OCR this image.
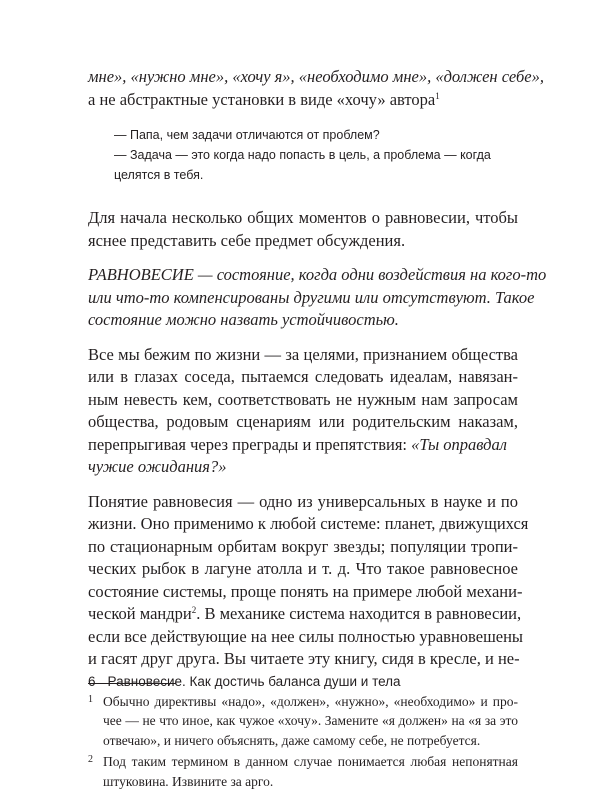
мне», «нужно мне», «хочу я», «необходимо мне», «должен себе»,
а не абстрактные установки в виде «хочу» автора$^1$
— Папа, чем задачи отличаются от проблем?
— Задача — это когда надо попасть в цель, а проблема — когда
целятся в тебя.
Для начала несколько общих моментов о равновесии, чтобы
яснее представить себе предмет обсуждения.
РАВНОВЕСИЕ — состояние, когда одни воздействия на кого-то
или что-то компенсированы другими или отсутствуют. Такое
состояние можно назвать устойчивостью.
Все мы бежим по жизни — за целями, признанием общества
или в глазах соседа, пытаемся следовать идеалам, навязан-
ным невесть кем, соответствовать не нужным нам запросам
общества, родовым сценариям или родительским наказам,
перепрыгивая через преграды и препятствия: «Ты оправдал
чужие ожидания?»
Понятие равновесия — одно из универсальных в науке и по
жизни. Оно применимо к любой системе: планет, движущихся
по стационарным орбитам вокруг звезды; популяции тропи-
ческих рыбок в лагуне атолла и т. д. Что такое равновесное
состояние системы, проще понять на примере любой механи-
ческой мандри$^2$. В механике система находится в равновесии,
если все действующие на нее силы полностью уравновешены
и гасят друг друга. Вы читаете эту книгу, сидя в кресле, и не-
1 Обычно директивы «надо», «должен», «нужно», «необходимо» и про-
чее — не что иное, как чужое «хочу». Замените «я должен» на «я за это
отвечаю», и ничего объяснять, даже самому себе, не потребуется.
2 Под таким термином в данном случае понимается любая непонятная
штуковина. Извините за арго.
6 Равновесие. Как достичь баланса души и тела
